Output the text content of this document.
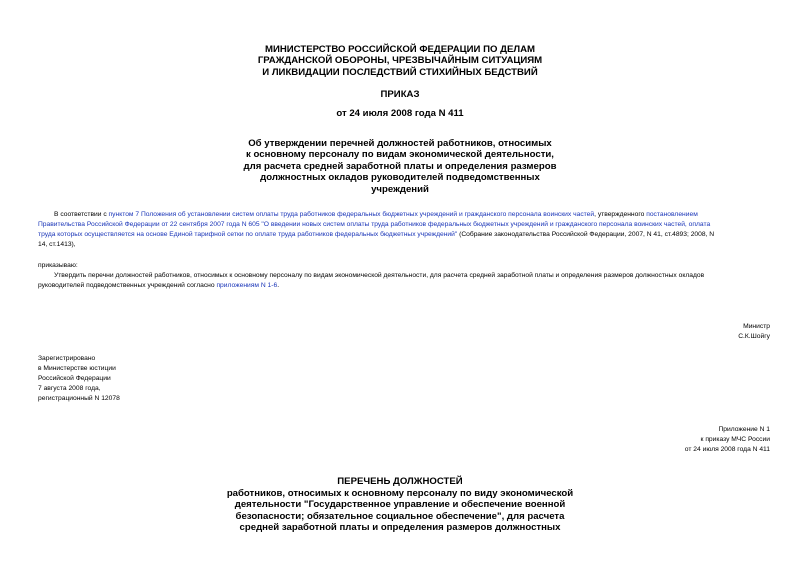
МИНИСТЕРСТВО РОССИЙСКОЙ ФЕДЕРАЦИИ ПО ДЕЛАМ
ГРАЖДАНСКОЙ ОБОРОНЫ, ЧРЕЗВЫЧАЙНЫМ СИТУАЦИЯМ
И ЛИКВИДАЦИИ ПОСЛЕДСТВИЙ СТИХИЙНЫХ БЕДСТВИЙ
ПРИКАЗ
от 24 июля 2008 года N 411
Об утверждении перечней должностей работников, относимых
к основному персоналу по видам экономической деятельности,
для расчета средней заработной платы и определения размеров
должностных окладов руководителей подведомственных
учреждений
В соответствии с пунктом 7 Положения об установлении систем оплаты труда работников федеральных бюджетных учреждений и гражданского персонала воинских частей, утвержденного постановлением
Правительства Российской Федерации от 22 сентября 2007 года N 605 "О введении новых систем оплаты труда работников федеральных бюджетных учреждений и гражданского персонала воинских частей, оплата
труда которых осуществляется на основе Единой тарифной сетки по оплате труда работников федеральных бюджетных учреждений" (Собрание законодательства Российской Федерации, 2007, N 41, ст.4893; 2008, N
14, ст.1413),
приказываю:
Утвердить перечни должностей работников, относимых к основному персоналу по видам экономической деятельности, для расчета средней заработной платы и определения размеров должностных окладов
руководителей подведомственных учреждений согласно приложениям N 1-6.
Министр
С.К.Шойгу
Зарегистрировано
в Министерстве юстиции
Российской Федерации
7 августа 2008 года,
регистрационный N 12078
Приложение N 1
к приказу МЧС России
от 24 июля 2008 года N 411
ПЕРЕЧЕНЬ ДОЛЖНОСТЕЙ
работников, относимых к основному персоналу по виду экономической
деятельности "Государственное управление и обеспечение военной
безопасности; обязательное социальное обеспечение", для расчета
средней заработной платы и определения размеров должностных
